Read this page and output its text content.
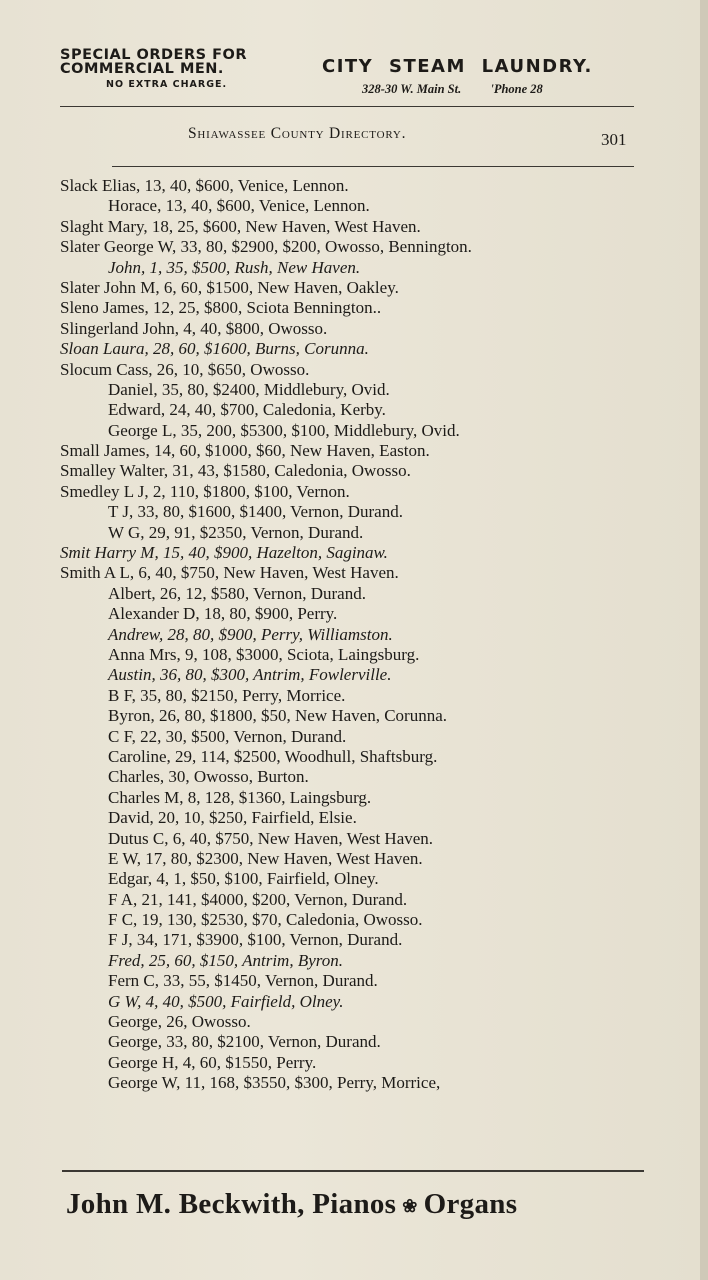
SPECIAL ORDERS FOR
COMMERCIAL MEN.
NO EXTRA CHARGE.
CITY STEAM LAUNDRY.
328-30 W. Main St. 'Phone 28
Shiawassee County Directory.	301
Slack Elias, 13, 40, $600, Venice, Lennon.
Horace, 13, 40, $600, Venice, Lennon.
Slaght Mary, 18, 25, $600, New Haven, West Haven.
Slater George W, 33, 80, $2900, $200, Owosso, Bennington.
John, 1, 35, $500, Rush, New Haven.
Slater John M, 6, 60, $1500, New Haven, Oakley.
Sleno James, 12, 25, $800, Sciota Bennington..
Slingerland John, 4, 40, $800, Owosso.
Sloan Laura, 28, 60, $1600, Burns, Corunna.
Slocum Cass, 26, 10, $650, Owosso.
Daniel, 35, 80, $2400, Middlebury, Ovid.
Edward, 24, 40, $700, Caledonia, Kerby.
George L, 35, 200, $5300, $100, Middlebury, Ovid.
Small James, 14, 60, $1000, $60, New Haven, Easton.
Smalley Walter, 31, 43, $1580, Caledonia, Owosso.
Smedley L J, 2, 110, $1800, $100, Vernon.
T J, 33, 80, $1600, $1400, Vernon, Durand.
W G, 29, 91, $2350, Vernon, Durand.
Smit Harry M, 15, 40, $900, Hazelton, Saginaw.
Smith A L, 6, 40, $750, New Haven, West Haven.
Albert, 26, 12, $580, Vernon, Durand.
Alexander D, 18, 80, $900, Perry.
Andrew, 28, 80, $900, Perry, Williamston.
Anna Mrs, 9, 108, $3000, Sciota, Laingsburg.
Austin, 36, 80, $300, Antrim, Fowlerville.
B F, 35, 80, $2150, Perry, Morrice.
Byron, 26, 80, $1800, $50, New Haven, Corunna.
C F, 22, 30, $500, Vernon, Durand.
Caroline, 29, 114, $2500, Woodhull, Shaftsburg.
Charles, 30, Owosso, Burton.
Charles M, 8, 128, $1360, Laingsburg.
David, 20, 10, $250, Fairfield, Elsie.
Dutus C, 6, 40, $750, New Haven, West Haven.
E W, 17, 80, $2300, New Haven, West Haven.
Edgar, 4, 1, $50, $100, Fairfield, Olney.
F A, 21, 141, $4000, $200, Vernon, Durand.
F C, 19, 130, $2530, $70, Caledonia, Owosso.
F J, 34, 171, $3900, $100, Vernon, Durand.
Fred, 25, 60, $150, Antrim, Byron.
Fern C, 33, 55, $1450, Vernon, Durand.
G W, 4, 40, $500, Fairfield, Olney.
George, 26, Owosso.
George, 33, 80, $2100, Vernon, Durand.
George H, 4, 60, $1550, Perry.
George W, 11, 168, $3550, $300, Perry, Morrice,
John M. Beckwith, Pianos ❀ Organs
